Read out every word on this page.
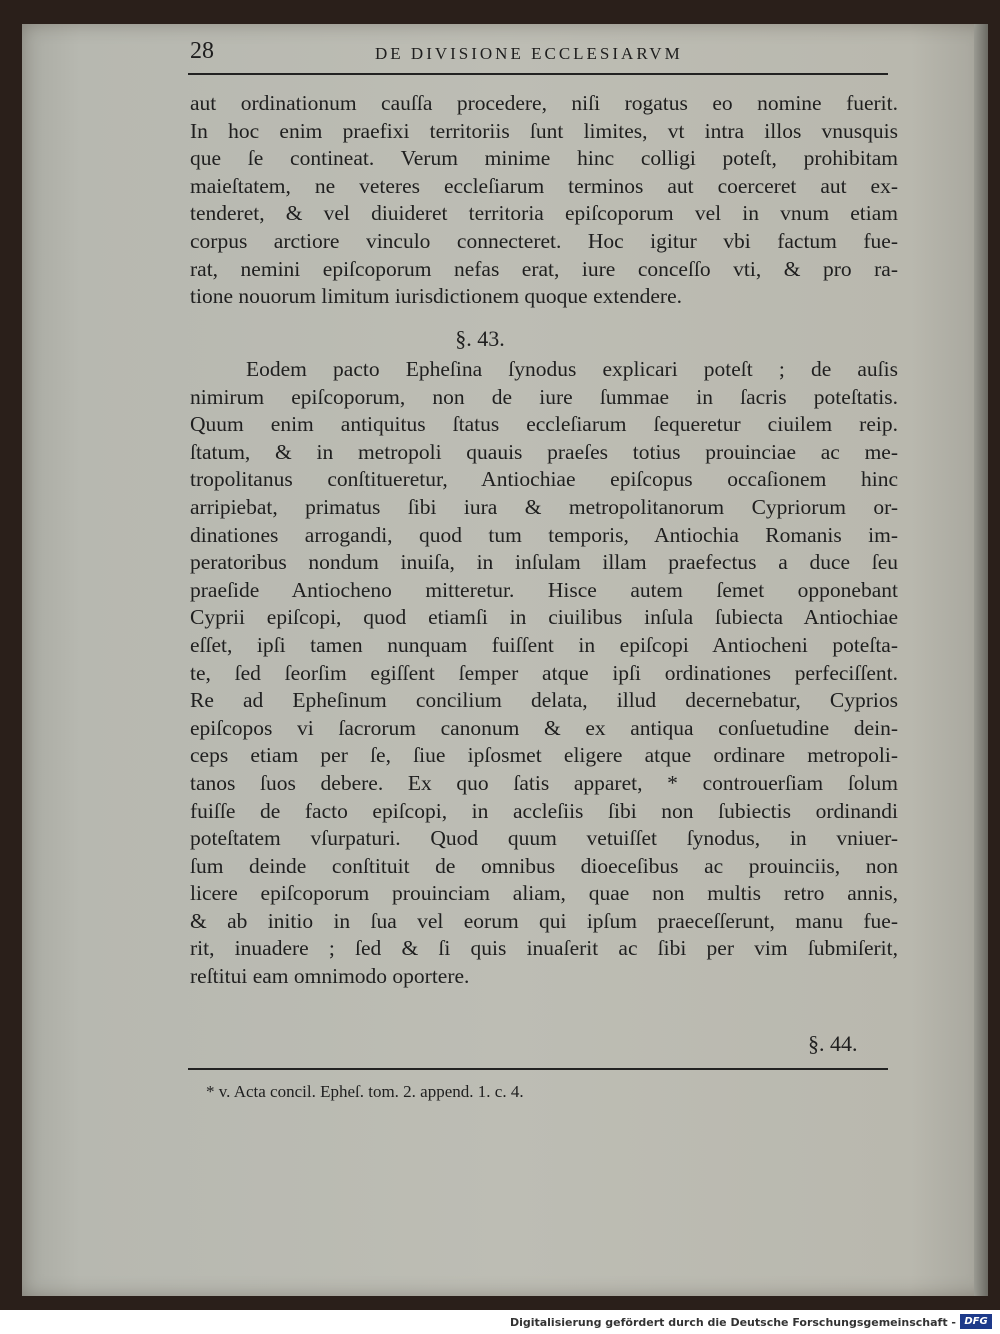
28	DE DIVISIONE ECCLESIARVM
aut ordinationum cauſſa procedere, niſi rogatus eo nomine fuerit.
In hoc enim praefixi territoriis ſunt limites, vt intra illos vnusquis
que ſe contineat. Verum minime hinc colligi poteſt, prohibitam
maieſtatem, ne veteres eccleſiarum terminos aut coerceret aut ex-
tenderet, & vel diuideret territoria epiſcoporum vel in vnum etiam
corpus arctiore vinculo connecteret. Hoc igitur vbi factum fue-
rat, nemini epiſcoporum nefas erat, iure conceſſo vti, & pro ra-
tione nouorum limitum iurisdictionem quoque extendere.
§. 43.
Eodem pacto Epheſina ſynodus explicari poteſt ; de auſis
nimirum epiſcoporum, non de iure ſummae in ſacris poteſtatis.
Quum enim antiquitus ſtatus eccleſiarum ſequeretur ciuilem reip.
ſtatum, & in metropoli quauis praeſes totius prouinciae ac me-
tropolitanus conſtitueretur, Antiochiae epiſcopus occaſionem hinc
arripiebat, primatus ſibi iura & metropolitanorum Cypriorum or-
dinationes arrogandi, quod tum temporis, Antiochia Romanis im-
peratoribus nondum inuiſa, in inſulam illam praefectus a duce ſeu
praeſide Antiocheno mitteretur. Hisce autem ſemet opponebant
Cyprii epiſcopi, quod etiamſi in ciuilibus inſula ſubiecta Antiochiae
eſſet, ipſi tamen nunquam fuiſſent in epiſcopi Antiocheni poteſta-
te, ſed ſeorſim egiſſent ſemper atque ipſi ordinationes perfeciſſent.
Re ad Epheſinum concilium delata, illud decernebatur, Cyprios
epiſcopos vi ſacrorum canonum & ex antiqua conſuetudine dein-
ceps etiam per ſe, ſiue ipſosmet eligere atque ordinare metropoli-
tanos ſuos debere. Ex quo ſatis apparet, * controuerſiam ſolum
fuiſſe de facto epiſcopi, in accleſiis ſibi non ſubiectis ordinandi
poteſtatem vſurpaturi. Quod quum vetuiſſet ſynodus, in vniuer-
ſum deinde conſtituit de omnibus dioeceſibus ac prouinciis, non
licere epiſcoporum prouinciam aliam, quae non multis retro annis,
& ab initio in ſua vel eorum qui ipſum praeceſſerunt, manu fue-
rit, inuadere ; ſed & ſi quis inuaſerit ac ſibi per vim ſubmiſerit,
reſtitui eam omnimodo oportere.
§. 44.
* v. Acta concil. Epheſ. tom. 2. append. 1. c. 4.
Digitalisierung gefördert durch die Deutsche Forschungsgemeinschaft - DFG
